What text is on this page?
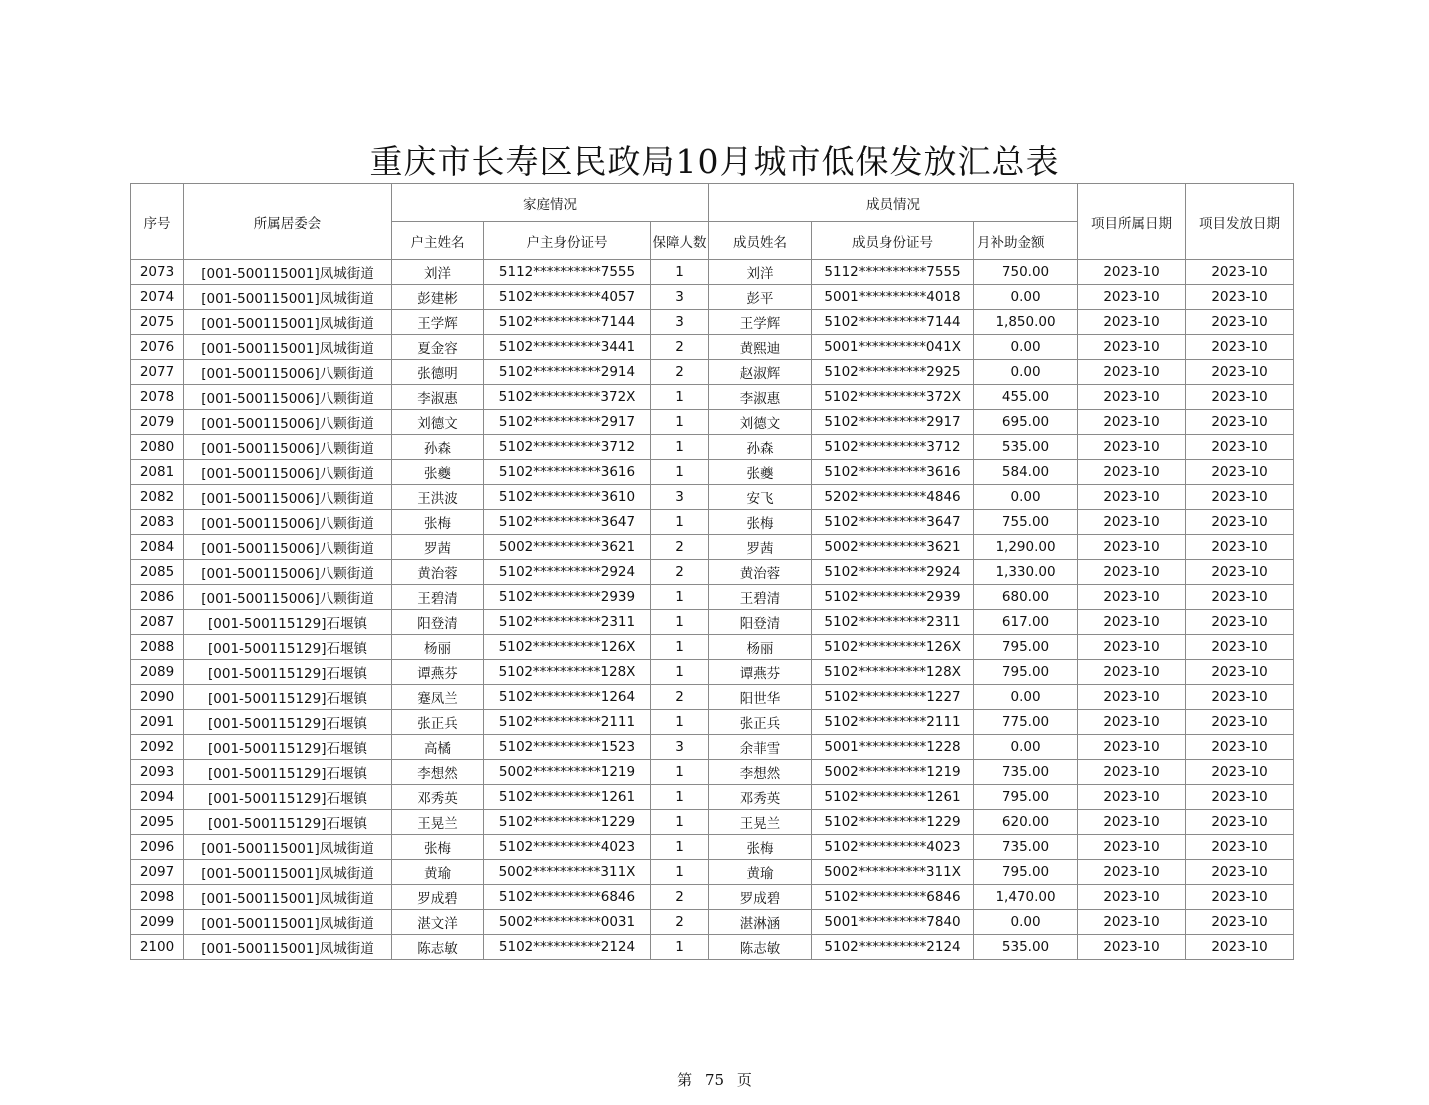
重庆市长寿区民政局10月城市低保发放汇总表
序号	所属居委会	家庭情况			成员情况			项目所属日期	项目发放日期
		户主姓名	户主身份证号	保障人数	成员姓名	成员身份证号	月补助金额		
2073	[001-500115001]凤城街道	刘洋	5112**********7555	1	刘洋	5112**********7555	750.00	2023-10	2023-10
2074	[001-500115001]凤城街道	彭建彬	5102**********4057	3	彭平	5001**********4018	0.00	2023-10	2023-10
2075	[001-500115001]凤城街道	王学辉	5102**********7144	3	王学辉	5102**********7144	1,850.00	2023-10	2023-10
2076	[001-500115001]凤城街道	夏金容	5102**********3441	2	黄熙迪	5001**********041X	0.00	2023-10	2023-10
2077	[001-500115006]八颗街道	张德明	5102**********2914	2	赵淑辉	5102**********2925	0.00	2023-10	2023-10
2078	[001-500115006]八颗街道	李淑惠	5102**********372X	1	李淑惠	5102**********372X	455.00	2023-10	2023-10
2079	[001-500115006]八颗街道	刘德文	5102**********2917	1	刘德文	5102**********2917	695.00	2023-10	2023-10
2080	[001-500115006]八颗街道	孙森	5102**********3712	1	孙森	5102**********3712	535.00	2023-10	2023-10
2081	[001-500115006]八颗街道	张夔	5102**********3616	1	张夔	5102**********3616	584.00	2023-10	2023-10
2082	[001-500115006]八颗街道	王洪波	5102**********3610	3	安飞	5202**********4846	0.00	2023-10	2023-10
2083	[001-500115006]八颗街道	张梅	5102**********3647	1	张梅	5102**********3647	755.00	2023-10	2023-10
2084	[001-500115006]八颗街道	罗茜	5002**********3621	2	罗茜	5002**********3621	1,290.00	2023-10	2023-10
2085	[001-500115006]八颗街道	黄治蓉	5102**********2924	2	黄治蓉	5102**********2924	1,330.00	2023-10	2023-10
2086	[001-500115006]八颗街道	王碧清	5102**********2939	1	王碧清	5102**********2939	680.00	2023-10	2023-10
2087	[001-500115129]石堰镇	阳登清	5102**********2311	1	阳登清	5102**********2311	617.00	2023-10	2023-10
2088	[001-500115129]石堰镇	杨丽	5102**********126X	1	杨丽	5102**********126X	795.00	2023-10	2023-10
2089	[001-500115129]石堰镇	谭燕芬	5102**********128X	1	谭燕芬	5102**********128X	795.00	2023-10	2023-10
2090	[001-500115129]石堰镇	蹇凤兰	5102**********1264	2	阳世华	5102**********1227	0.00	2023-10	2023-10
2091	[001-500115129]石堰镇	张正兵	5102**********2111	1	张正兵	5102**********2111	775.00	2023-10	2023-10
2092	[001-500115129]石堰镇	高橘	5102**********1523	3	余菲雪	5001**********1228	0.00	2023-10	2023-10
2093	[001-500115129]石堰镇	李想然	5002**********1219	1	李想然	5002**********1219	735.00	2023-10	2023-10
2094	[001-500115129]石堰镇	邓秀英	5102**********1261	1	邓秀英	5102**********1261	795.00	2023-10	2023-10
2095	[001-500115129]石堰镇	王晃兰	5102**********1229	1	王晃兰	5102**********1229	620.00	2023-10	2023-10
2096	[001-500115001]凤城街道	张梅	5102**********4023	1	张梅	5102**********4023	735.00	2023-10	2023-10
2097	[001-500115001]凤城街道	黄瑜	5002**********311X	1	黄瑜	5002**********311X	795.00	2023-10	2023-10
2098	[001-500115001]凤城街道	罗成碧	5102**********6846	2	罗成碧	5102**********6846	1,470.00	2023-10	2023-10
2099	[001-500115001]凤城街道	湛文洋	5002**********0031	2	湛淋涵	5001**********7840	0.00	2023-10	2023-10
2100	[001-500115001]凤城街道	陈志敏	5102**********2124	1	陈志敏	5102**********2124	535.00	2023-10	2023-10
第 75 页
